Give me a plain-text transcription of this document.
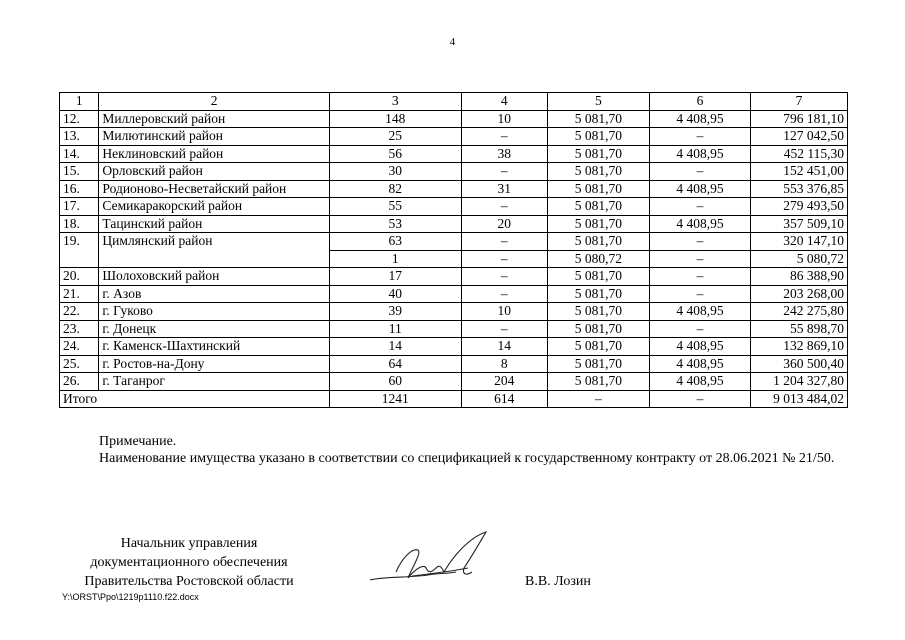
4
1	2	3	4	5	6	7
12.	Миллеровский район	148	10	5 081,70	4 408,95	796 181,10
13.	Милютинский район	25	–	5 081,70	–	127 042,50
14.	Неклиновский район	56	38	5 081,70	4 408,95	452 115,30
15.	Орловский район	30	–	5 081,70	–	152 451,00
16.	Родионово-Несветайский район	82	31	5 081,70	4 408,95	553 376,85
17.	Семикаракорский район	55	–	5 081,70	–	279 493,50
18.	Тацинский район	53	20	5 081,70	4 408,95	357 509,10
19.	Цимлянский район	63	–	5 081,70	–	320 147,10
		1	–	5 080,72	–	5 080,72
20.	Шолоховский район	17	–	5 081,70	–	86 388,90
21.	г. Азов	40	–	5 081,70	–	203 268,00
22.	г. Гуково	39	10	5 081,70	4 408,95	242 275,80
23.	г. Донецк	11	–	5 081,70	–	55 898,70
24.	г. Каменск-Шахтинский	14	14	5 081,70	4 408,95	132 869,10
25.	г. Ростов-на-Дону	64	8	5 081,70	4 408,95	360 500,40
26.	г. Таганрог	60	204	5 081,70	4 408,95	1 204 327,80
Итого		1241	614	–	–	9 013 484,02
Примечание.
Наименование имущества указано в соответствии со спецификацией к государственному контракту от 28.06.2021 № 21/50.
Начальник управления
документационного обеспечения
Правительства Ростовской области	В.В. Лозин
Y:\ORST\Ppo\1219p1110.f22.docx
